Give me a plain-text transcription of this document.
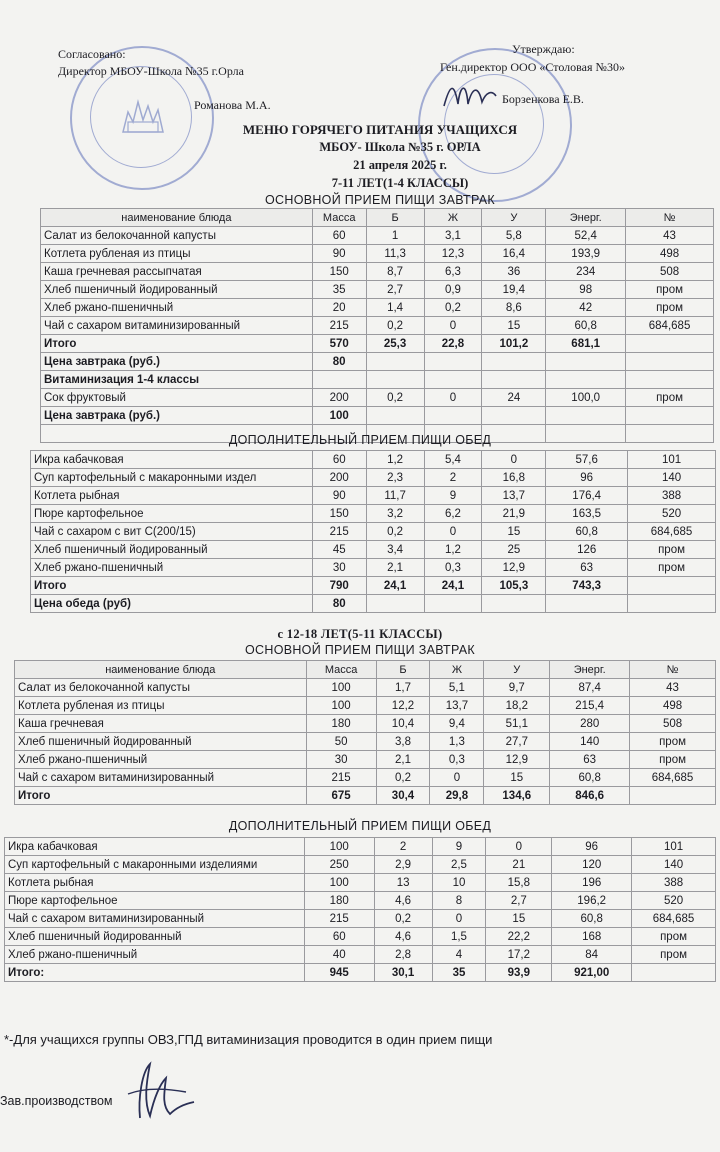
Согласовано:
Директор МБОУ-Школа №35 г.Орла
Романова М.А.
Утверждаю:
Ген.директор ООО «Столовая №30»
Борзенкова Е.В.
МЕНЮ ГОРЯЧЕГО ПИТАНИЯ УЧАЩИХСЯ
МБОУ- Школа №35 г. ОРЛА
21 апреля 2025 г.
7-11 ЛЕТ(1-4 КЛАССЫ)
ОСНОВНОЙ ПРИЕМ ПИЩИ ЗАВТРАК
наименование блюда	Масса	Б	Ж	У	Энерг.	№
Салат из белокочанной капусты	60	1	3,1	5,8	52,4	43
Котлета рубленая из птицы	90	11,3	12,3	16,4	193,9	498
Каша гречневая рассыпчатая	150	8,7	6,3	36	234	508
Хлеб пшеничный йодированный	35	2,7	0,9	19,4	98	пром
Хлеб ржано-пшеничный	20	1,4	0,2	8,6	42	пром
Чай с сахаром витаминизированный	215	0,2	0	15	60,8	684,685
Итого	570	25,3	22,8	101,2	681,1	
Цена завтрака (руб.)	80					
Витаминизация 1-4 классы						
Сок фруктовый	200	0,2	0	24	100,0	пром
Цена завтрака (руб.)	100					

ДОПОЛНИТЕЛЬНЫЙ ПРИЕМ ПИЩИ ОБЕД
Икра кабачковая	60	1,2	5,4	0	57,6	101
Суп картофельный с макаронными издел	200	2,3	2	16,8	96	140
Котлета рыбная	90	11,7	9	13,7	176,4	388
Пюре картофельное	150	3,2	6,2	21,9	163,5	520
Чай с сахаром с вит С(200/15)	215	0,2	0	15	60,8	684,685
Хлеб пшеничный йодированный	45	3,4	1,2	25	126	пром
Хлеб ржано-пшеничный	30	2,1	0,3	12,9	63	пром
Итого	790	24,1	24,1	105,3	743,3	
Цена обеда (руб)	80					
с 12-18 ЛЕТ(5-11 КЛАССЫ)
ОСНОВНОЙ ПРИЕМ ПИЩИ ЗАВТРАК
наименование блюда	Масса	Б	Ж	У	Энерг.	№
Салат из белокочанной капусты	100	1,7	5,1	9,7	87,4	43
Котлета рубленая из птицы	100	12,2	13,7	18,2	215,4	498
Каша гречневая	180	10,4	9,4	51,1	280	508
Хлеб пшеничный йодированный	50	3,8	1,3	27,7	140	пром
Хлеб ржано-пшеничный	30	2,1	0,3	12,9	63	пром
Чай с сахаром витаминизированный	215	0,2	0	15	60,8	684,685
Итого	675	30,4	29,8	134,6	846,6	
ДОПОЛНИТЕЛЬНЫЙ ПРИЕМ ПИЩИ ОБЕД
Икра кабачковая	100	2	9	0	96	101
Суп картофельный с макаронными изделиями	250	2,9	2,5	21	120	140
Котлета рыбная	100	13	10	15,8	196	388
Пюре картофельное	180	4,6	8	2,7	196,2	520
Чай с сахаром витаминизированный	215	0,2	0	15	60,8	684,685
Хлеб пшеничный йодированный	60	4,6	1,5	22,2	168	пром
Хлеб ржано-пшеничный	40	2,8	4	17,2	84	пром
Итого:	945	30,1	35	93,9	921,00	
*-Для учащихся группы ОВЗ,ГПД витаминизация проводится в один прием пищи
Зав.производством
